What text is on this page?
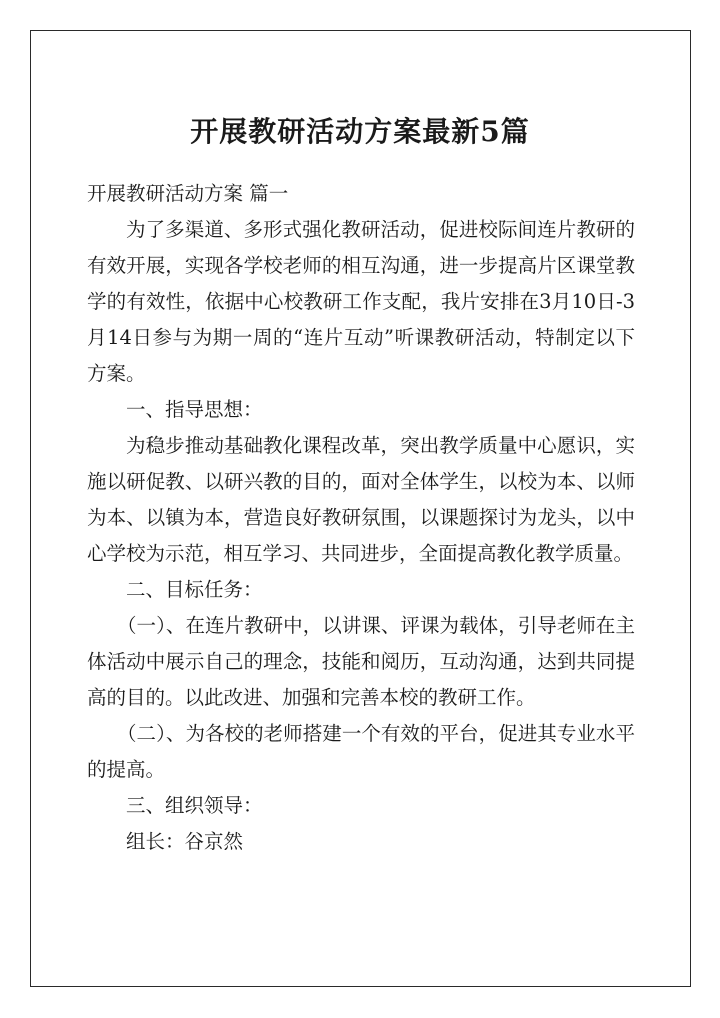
开展教研活动方案最新5篇

开展教研活动方案 篇一

为了多渠道、多形式强化教研活动，促进校际间连片教研的有效开展，实现各学校老师的相互沟通，进一步提高片区课堂教学的有效性，依据中心校教研工作支配，我片安排在3月10日-3月14日参与为期一周的“连片互动”听课教研活动，特制定以下方案。

一、指导思想：

为稳步推动基础教化课程改革，突出教学质量中心愿识，实施以研促教、以研兴教的目的，面对全体学生，以校为本、以师为本、以镇为本，营造良好教研氛围，以课题探讨为龙头，以中心学校为示范，相互学习、共同进步，全面提高教化教学质量。

二、目标任务：

（一）、在连片教研中，以讲课、评课为载体，引导老师在主体活动中展示自己的理念，技能和阅历，互动沟通，达到共同提高的目的。以此改进、加强和完善本校的教研工作。

（二）、为各校的老师搭建一个有效的平台，促进其专业水平的提高。

三、组织领导：

组长：谷京然
